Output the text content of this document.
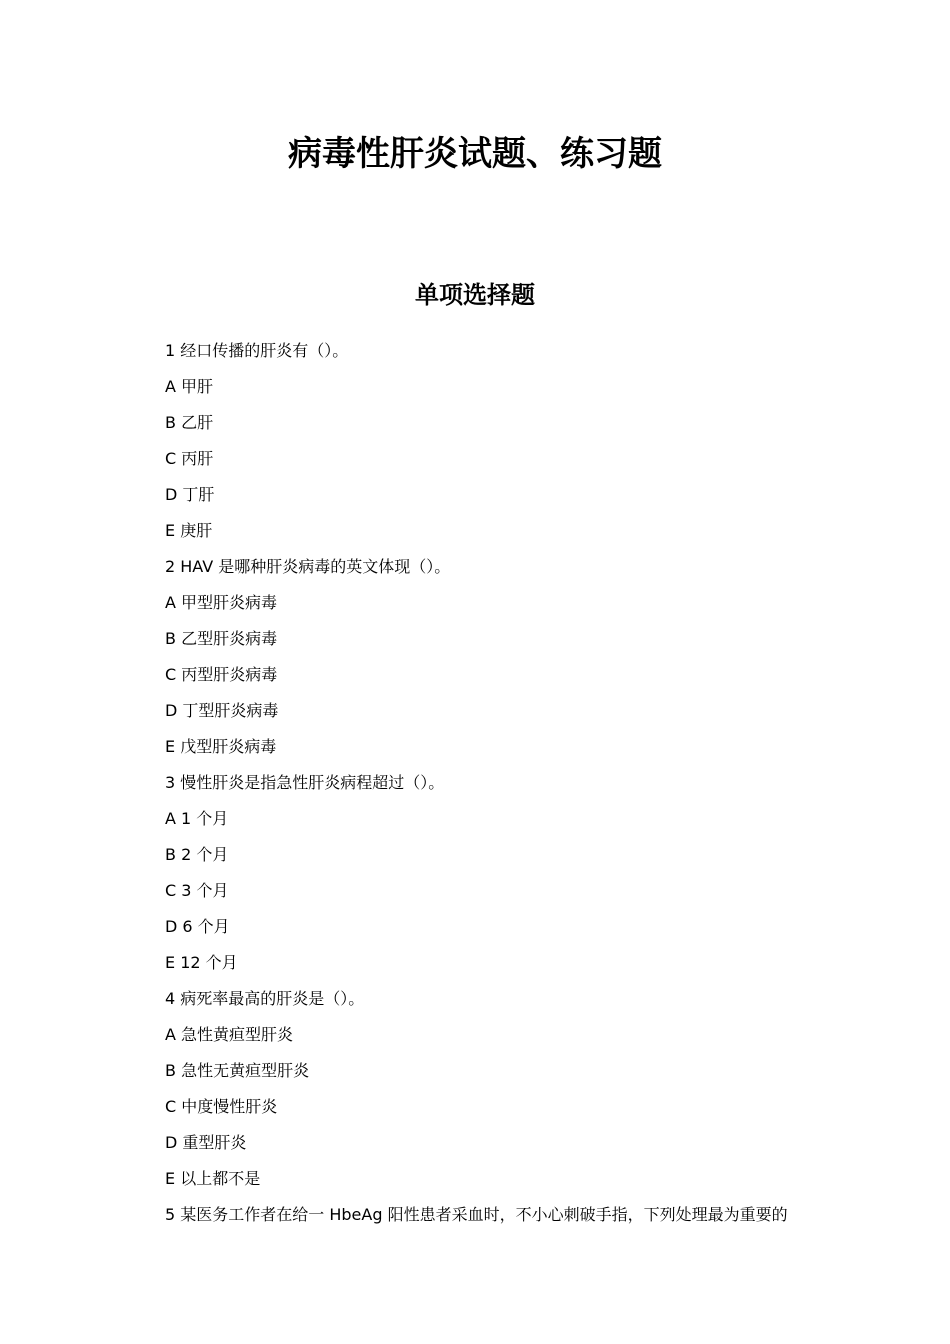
病毒性肝炎试题、练习题
单项选择题

1 经口传播的肝炎有（）。

A 甲肝

B 乙肝

C 丙肝

D 丁肝

E 庚肝

2 HAV 是哪种肝炎病毒的英文体现（）。

A 甲型肝炎病毒

B 乙型肝炎病毒

C 丙型肝炎病毒

D 丁型肝炎病毒

E 戊型肝炎病毒

3 慢性肝炎是指急性肝炎病程超过（）。

A 1 个月

B 2 个月

C 3 个月

D 6 个月

E 12 个月

4 病死率最高的肝炎是（）。

A 急性黄疸型肝炎

B 急性无黄疸型肝炎

C 中度慢性肝炎

D 重型肝炎

E 以上都不是

5 某医务工作者在给一 HbeAg 阳性患者采血时，不小心刺破手指，下列处理最为重要的
